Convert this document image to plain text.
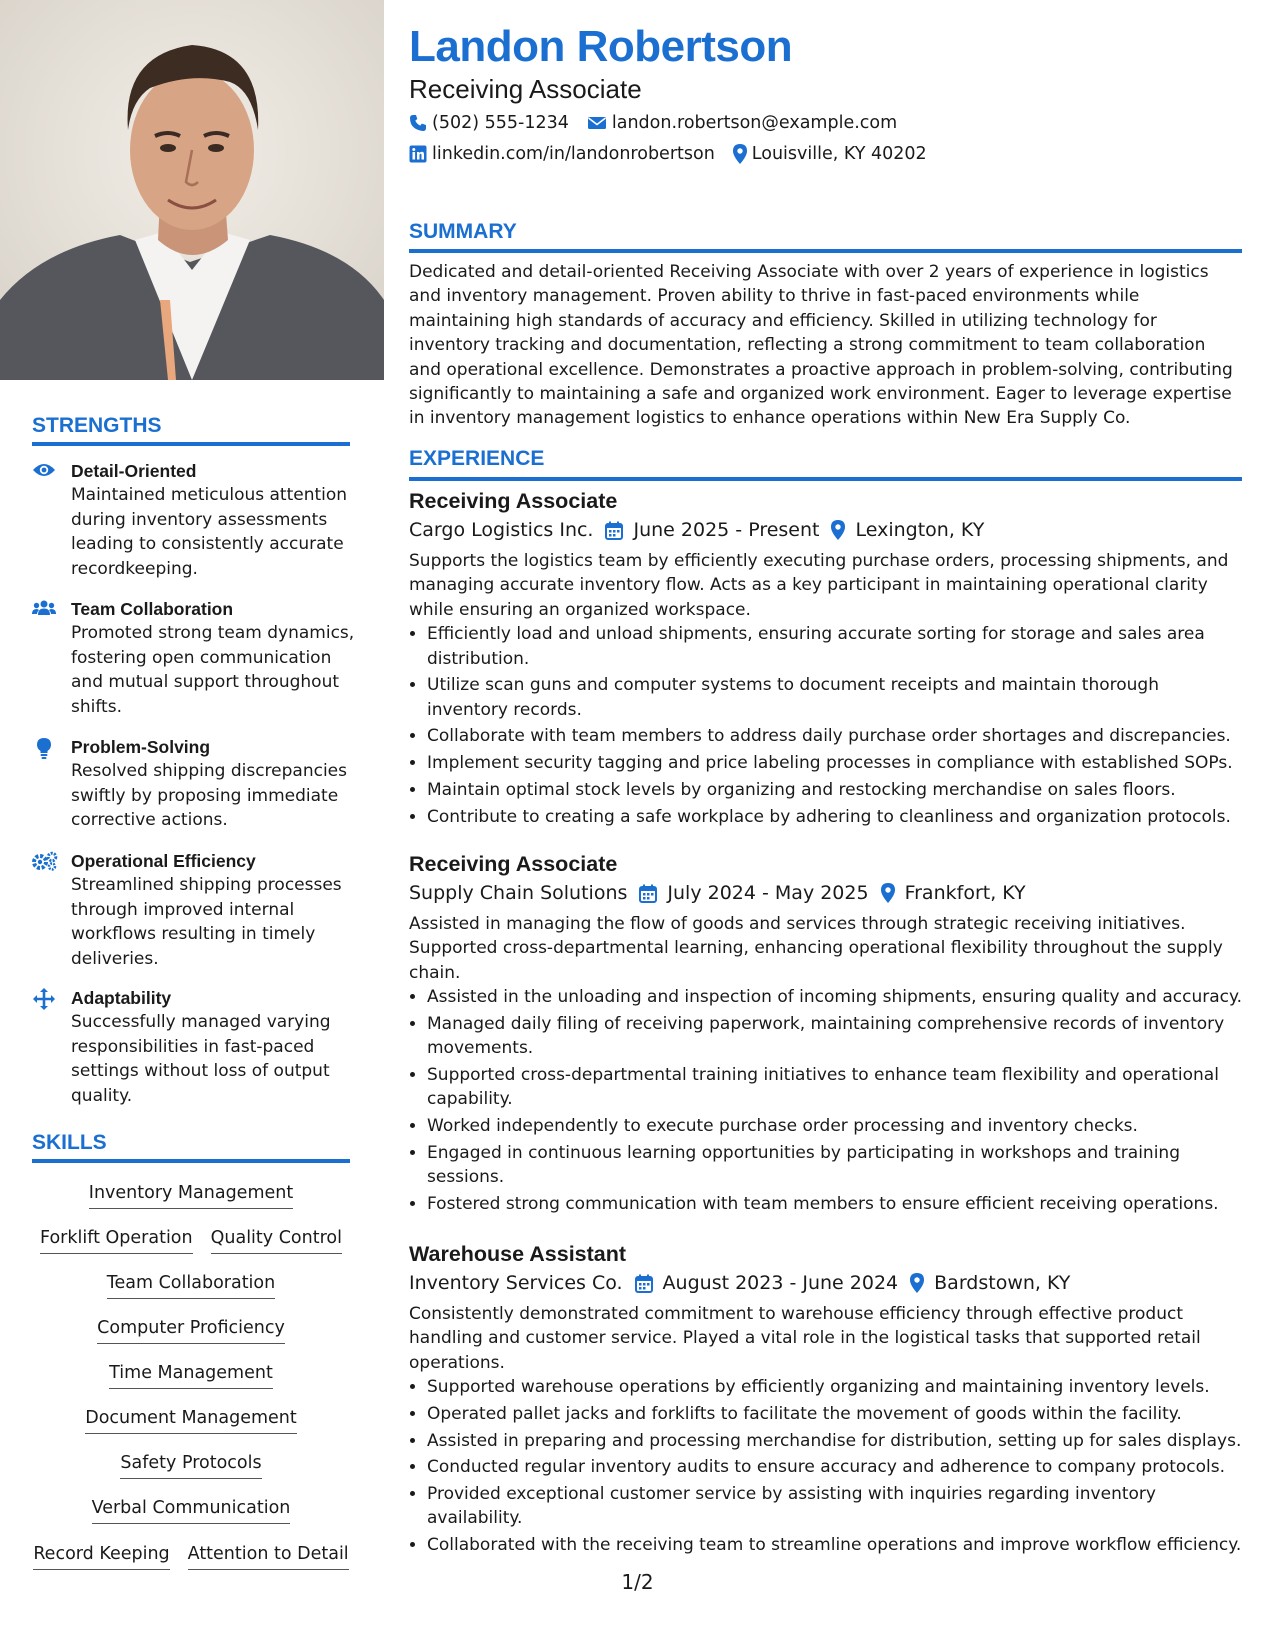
STRENGTHS

Detail-Oriented

Maintained meticulous attention during inventory assessments leading to consistently accurate recordkeeping.

Team Collaboration

Promoted strong team dynamics, fostering open communication and mutual support throughout shifts.

Problem-Solving

Resolved shipping discrepancies swiftly by proposing immediate corrective actions.

Operational Efficiency

Streamlined shipping processes through improved internal workflows resulting in timely deliveries.

Adaptability

Successfully managed varying responsibilities in fast-paced settings without loss of output quality.

SKILLS
Inventory Management
Forklift Operation Quality Control
Team Collaboration
Computer Proficiency
Time Management
Document Management
Safety Protocols
Verbal Communication
Record Keeping Attention to Detail
Landon Robertson

Receiving Associate

(502) 555-1234 landon.robertson@example.com
linkedin.com/in/landonrobertson Louisville, KY 40202
SUMMARY

Dedicated and detail-oriented Receiving Associate with over 2 years of experience in logistics and inventory management. Proven ability to thrive in fast-paced environments while maintaining high standards of accuracy and efficiency. Skilled in utilizing technology for inventory tracking and documentation, reflecting a strong commitment to team collaboration and operational excellence. Demonstrates a proactive approach in problem-solving, contributing significantly to maintaining a safe and organized work environment. Eager to leverage expertise in inventory management logistics to enhance operations within New Era Supply Co.

EXPERIENCE

Receiving Associate

Cargo Logistics Inc. June 2025 - Present Lexington, KY

Supports the logistics team by efficiently executing purchase orders, processing shipments, and managing accurate inventory flow. Acts as a key participant in maintaining operational clarity while ensuring an organized workspace.

• Efficiently load and unload shipments, ensuring accurate sorting for storage and sales area distribution.
• Utilize scan guns and computer systems to document receipts and maintain thorough inventory records.
• Collaborate with team members to address daily purchase order shortages and discrepancies.
• Implement security tagging and price labeling processes in compliance with established SOPs.
• Maintain optimal stock levels by organizing and restocking merchandise on sales floors.
• Contribute to creating a safe workplace by adhering to cleanliness and organization protocols.

Receiving Associate

Supply Chain Solutions July 2024 - May 2025 Frankfort, KY

Assisted in managing the flow of goods and services through strategic receiving initiatives. Supported cross-departmental learning, enhancing operational flexibility throughout the supply chain.

• Assisted in the unloading and inspection of incoming shipments, ensuring quality and accuracy.
• Managed daily filing of receiving paperwork, maintaining comprehensive records of inventory movements.
• Supported cross-departmental training initiatives to enhance team flexibility and operational capability.
• Worked independently to execute purchase order processing and inventory checks.
• Engaged in continuous learning opportunities by participating in workshops and training sessions.
• Fostered strong communication with team members to ensure efficient receiving operations.

Warehouse Assistant

Inventory Services Co. August 2023 - June 2024 Bardstown, KY

Consistently demonstrated commitment to warehouse efficiency through effective product handling and customer service. Played a vital role in the logistical tasks that supported retail operations.

• Supported warehouse operations by efficiently organizing and maintaining inventory levels.
• Operated pallet jacks and forklifts to facilitate the movement of goods within the facility.
• Assisted in preparing and processing merchandise for distribution, setting up for sales displays.
• Conducted regular inventory audits to ensure accuracy and adherence to company protocols.
• Provided exceptional customer service by assisting with inquiries regarding inventory availability.
• Collaborated with the receiving team to streamline operations and improve workflow efficiency.
1/2
